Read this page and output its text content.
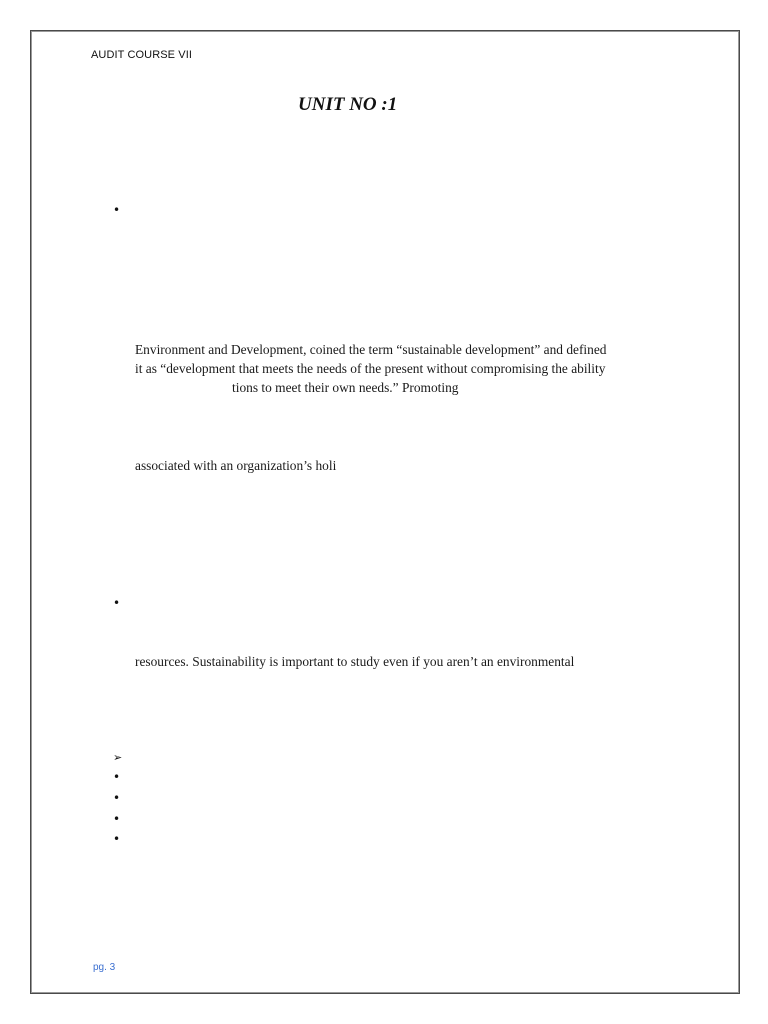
AUDIT COURSE VII
UNIT NO :1
•
Environment and Development, coined the term “sustainable development” and defined
it as “development that meets the needs of the present without compromising the ability
tions to meet their own needs.” Promoting
associated with an organization’s holi
•
resources. Sustainability is important to study even if you aren’t an environmental
➢
•
•
•
•
pg. 3
